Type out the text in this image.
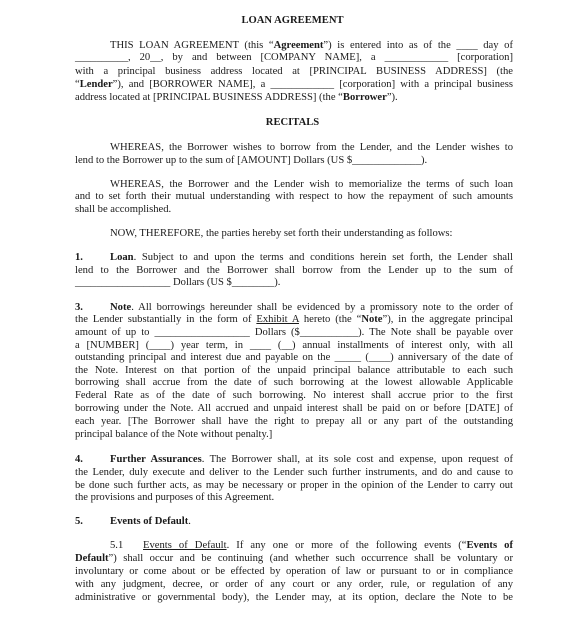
LOAN AGREEMENT
THIS LOAN AGREEMENT (this “Agreement”) is entered into as of the ____ day of
__________, 20__, by and between [COMPANY NAME], a ____________ [corporation]
with a principal business address located at [PRINCIPAL BUSINESS ADDRESS] (the
“Lender”), and [BORROWER NAME], a ____________ [corporation] with a principal business
address located at [PRINCIPAL BUSINESS ADDRESS] (the “Borrower”).
RECITALS
WHEREAS, the Borrower wishes to borrow from the Lender, and the Lender wishes to
lend to the Borrower up to the sum of [AMOUNT] Dollars (US $_____________).
WHEREAS, the Borrower and the Lender wish to memorialize the terms of such loan
and to set forth their mutual understanding with respect to how the repayment of such amounts
shall be accomplished.
NOW, THEREFORE, the parties hereby set forth their understanding as follows:
1.	Loan. Subject to and upon the terms and conditions herein set forth, the Lender shall
lend to the Borrower and the Borrower shall borrow from the Lender up to the sum of
__________________ Dollars (US $________).
3.	Note. All borrowings hereunder shall be evidenced by a promissory note to the order of
the Lender substantially in the form of Exhibit A hereto (the “Note”), in the aggregate principal
amount of up to __________________ Dollars ($___________). The Note shall be payable over
a [NUMBER] (____) year term, in ____ (__) annual installments of interest only, with all
outstanding principal and interest due and payable on the _____ (____) anniversary of the date of
the Note. Interest on that portion of the unpaid principal balance attributable to each such
borrowing shall accrue from the date of such borrowing at the lowest allowable Applicable
Federal Rate as of the date of such borrowing. No interest shall accrue prior to the first
borrowing under the Note. All accrued and unpaid interest shall be paid on or before [DATE] of
each year. [The Borrower shall have the right to prepay all or any part of the outstanding
principal balance of the Note without penalty.]
4.	Further Assurances. The Borrower shall, at its sole cost and expense, upon request of
the Lender, duly execute and deliver to the Lender such further instruments, and do and cause to
be done such further acts, as may be necessary or proper in the opinion of the Lender to carry out
the provisions and purposes of this Agreement.
5.	Events of Default.
5.1 Events of Default. If any one or more of the following events (“Events of
Default”) shall occur and be continuing (and whether such occurrence shall be voluntary or
involuntary or come about or be effected by operation of law or pursuant to or in compliance
with any judgment, decree, or order of any court or any order, rule, or regulation of any
administrative or governmental body), the Lender may, at its option, declare the Note to be
